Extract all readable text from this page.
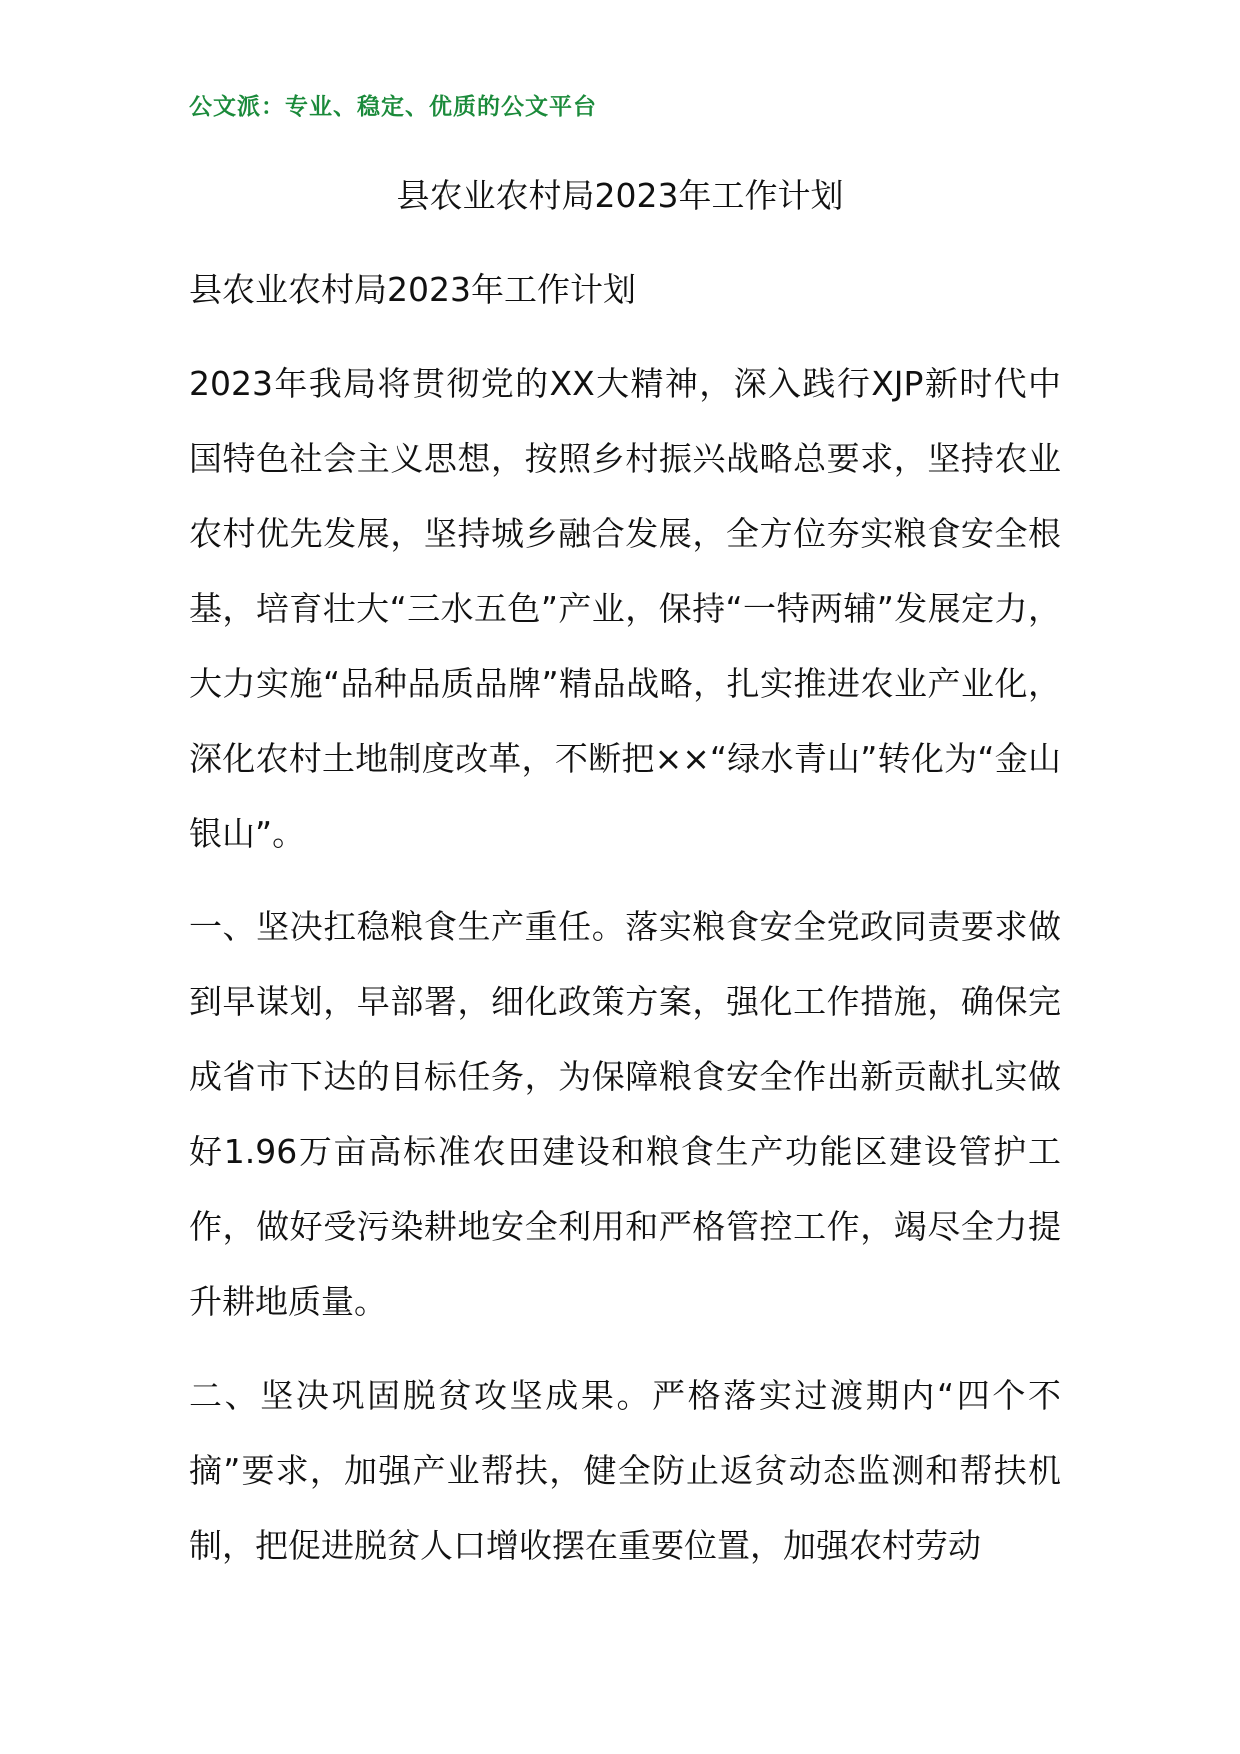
公文派：专业、稳定、优质的公文平台
县农业农村局2023年工作计划
县农业农村局2023年工作计划
2023年我局将贯彻党的XX大精神，深入践行XJP新时代中国特色社会主义思想，按照乡村振兴战略总要求，坚持农业农村优先发展，坚持城乡融合发展，全方位夯实粮食安全根基，培育壮大“三水五色”产业，保持“一特两辅”发展定力，大力实施“品种品质品牌”精品战略，扎实推进农业产业化，深化农村土地制度改革，不断把××“绿水青山”转化为“金山银山”。
一、坚决扛稳粮食生产重任。落实粮食安全党政同责要求做到早谋划，早部署，细化政策方案，强化工作措施，确保完成省市下达的目标任务，为保障粮食安全作出新贡献扎实做好1.96万亩高标准农田建设和粮食生产功能区建设管护工作，做好受污染耕地安全利用和严格管控工作，竭尽全力提升耕地质量。
二、坚决巩固脱贫攻坚成果。严格落实过渡期内“四个不摘”要求，加强产业帮扶，健全防止返贫动态监测和帮扶机制，把促进脱贫人口增收摆在重要位置，加强农村劳动
